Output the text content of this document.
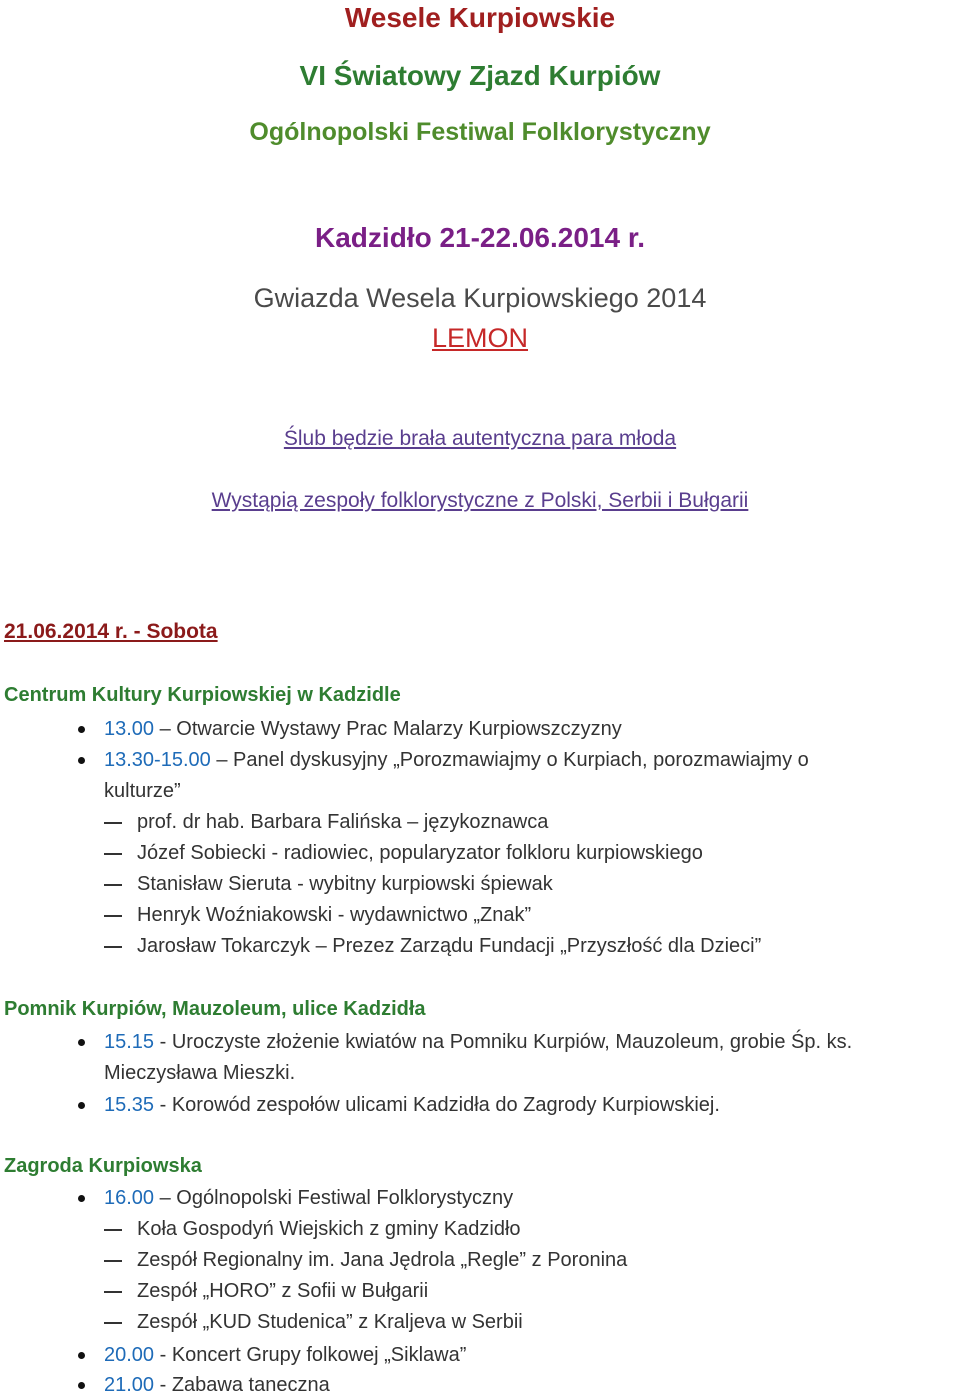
Wesele Kurpiowskie
VI Światowy Zjazd Kurpiów
Ogólnopolski Festiwal Folklorystyczny
Kadzidło 21-22.06.2014 r.
Gwiazda Wesela Kurpiowskiego 2014
LEMON
Ślub będzie brała autentyczna para młoda
Wystąpią zespoły folklorystyczne z Polski, Serbii i Bułgarii
21.06.2014 r. - Sobota
Centrum Kultury Kurpiowskiej w Kadzidle
13.00 – Otwarcie Wystawy Prac Malarzy Kurpiowszczyzny
13.30-15.00 – Panel dyskusyjny „Porozmawiajmy o Kurpiach, porozmawiajmy o
kulturze”
prof. dr hab. Barbara Falińska – językoznawca
Józef Sobiecki - radiowiec, popularyzator folkloru kurpiowskiego
Stanisław Sieruta - wybitny kurpiowski śpiewak
Henryk Woźniakowski - wydawnictwo „Znak”
Jarosław Tokarczyk – Prezez Zarządu Fundacji „Przyszłość dla Dzieci”
Pomnik Kurpiów, Mauzoleum, ulice Kadzidła
15.15 - Uroczyste złożenie kwiatów na Pomniku Kurpiów, Mauzoleum, grobie Śp. ks.
Mieczysława Mieszki.
15.35 - Korowód zespołów ulicami Kadzidła do Zagrody Kurpiowskiej.
Zagroda Kurpiowska
16.00 – Ogólnopolski Festiwal Folklorystyczny
Koła Gospodyń Wiejskich z gminy Kadzidło
Zespół Regionalny im. Jana Jędrola „Regle” z Poronina
Zespół „HORO” z Sofii w Bułgarii
Zespół „KUD Studenica” z Kraljeva w Serbii
20.00 - Koncert Grupy folkowej „Siklawa”
21.00 - Zabawa taneczna
